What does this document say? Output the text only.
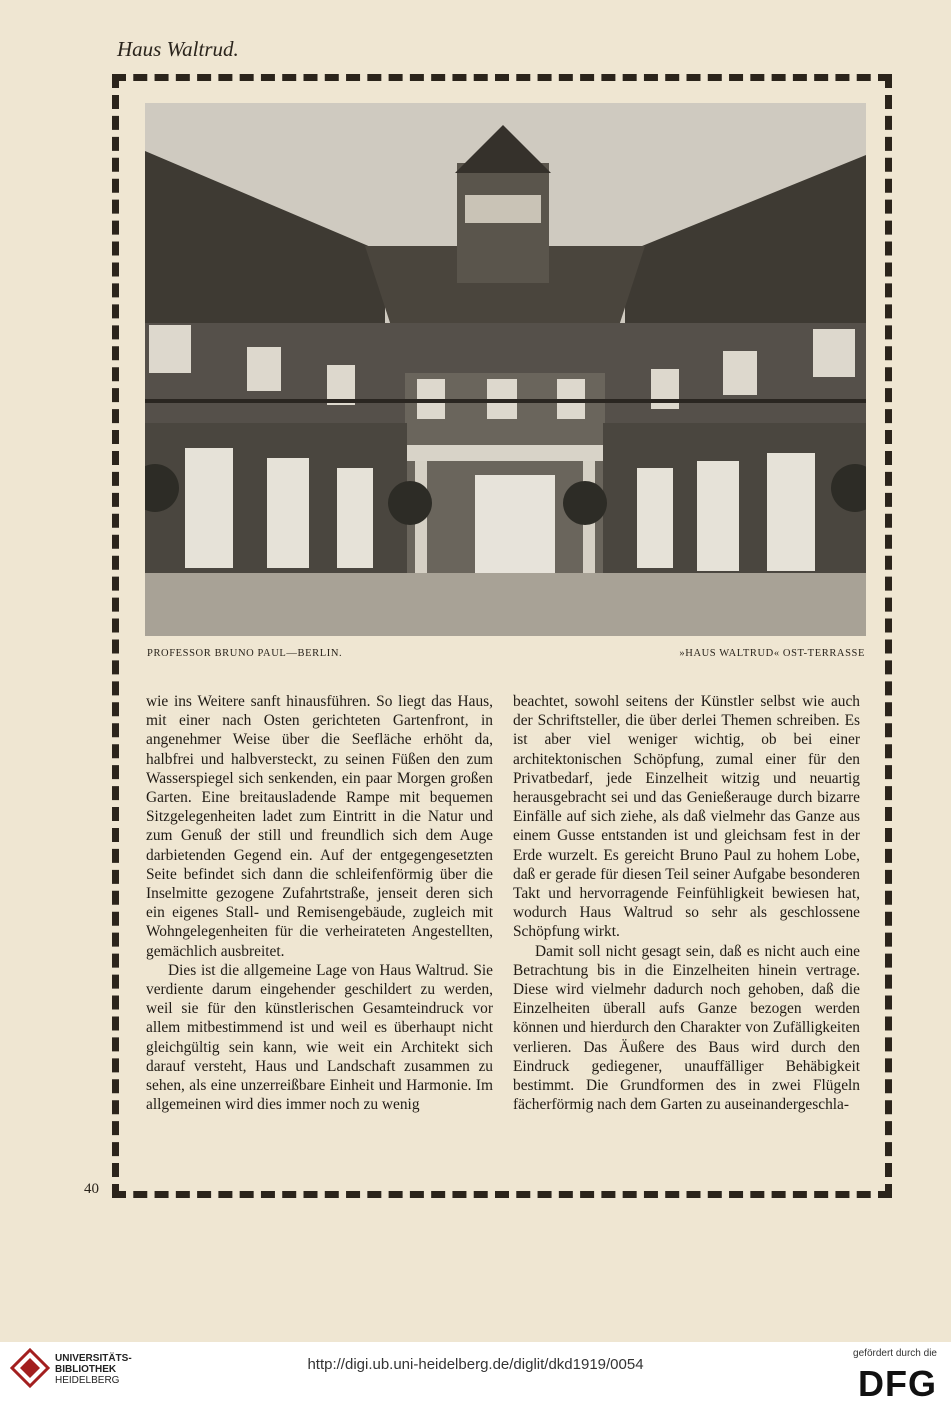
Haus Waltrud.
PROFESSOR BRUNO PAUL—BERLIN.	»HAUS WALTRUD« OST-TERRASSE

wie ins Weitere sanft hinausführen. So liegt das Haus, mit einer nach Osten gerichteten Gartenfront, in angenehmer Weise über die Seefläche erhöht da, halbfrei und halbversteckt, zu seinen Füßen den zum Wasserspiegel sich senkenden, ein paar Morgen großen Garten. Eine breitausladende Rampe mit bequemen Sitzgelegenheiten ladet zum Eintritt in die Natur und zum Genuß der still und freundlich sich dem Auge darbietenden Gegend ein. Auf der entgegengesetzten Seite befindet sich dann die schleifenförmig über die Inselmitte gezogene Zufahrtstraße, jenseit deren sich ein eigenes Stall- und Remisengebäude, zugleich mit Wohngelegenheiten für die verheirateten Angestellten, gemächlich ausbreitet.

Dies ist die allgemeine Lage von Haus Waltrud. Sie verdiente darum eingehender geschildert zu werden, weil sie für den künstlerischen Gesamteindruck vor allem mitbestimmend ist und weil es überhaupt nicht gleichgültig sein kann, wie weit ein Architekt sich darauf versteht, Haus und Landschaft zusammen zu sehen, als eine unzerreißbare Einheit und Harmonie. Im allgemeinen wird dies immer noch zu wenig

beachtet, sowohl seitens der Künstler selbst wie auch der Schriftsteller, die über derlei Themen schreiben. Es ist aber viel weniger wichtig, ob bei einer architektonischen Schöpfung, zumal einer für den Privatbedarf, jede Einzelheit witzig und neuartig herausgebracht sei und das Genießerauge durch bizarre Einfälle auf sich ziehe, als daß vielmehr das Ganze aus einem Gusse entstanden ist und gleichsam fest in der Erde wurzelt. Es gereicht Bruno Paul zu hohem Lobe, daß er gerade für diesen Teil seiner Aufgabe besonderen Takt und hervorragende Feinfühligkeit bewiesen hat, wodurch Haus Waltrud so sehr als geschlossene Schöpfung wirkt.

Damit soll nicht gesagt sein, daß es nicht auch eine Betrachtung bis in die Einzelheiten hinein vertrage. Diese wird vielmehr dadurch noch gehoben, daß die Einzelheiten überall aufs Ganze bezogen werden können und hierdurch den Charakter von Zufälligkeiten verlieren. Das Äußere des Baus wird durch den Eindruck gediegener, unauffälliger Behäbigkeit bestimmt. Die Grundformen des in zwei Flügeln fächerförmig nach dem Garten zu auseinandergeschla-

40
UNIVERSITÄTS-
BIBLIOTHEK
HEIDELBERG
http://digi.ub.uni-heidelberg.de/diglit/dkd1919/0054
gefördert durch die
DFG
